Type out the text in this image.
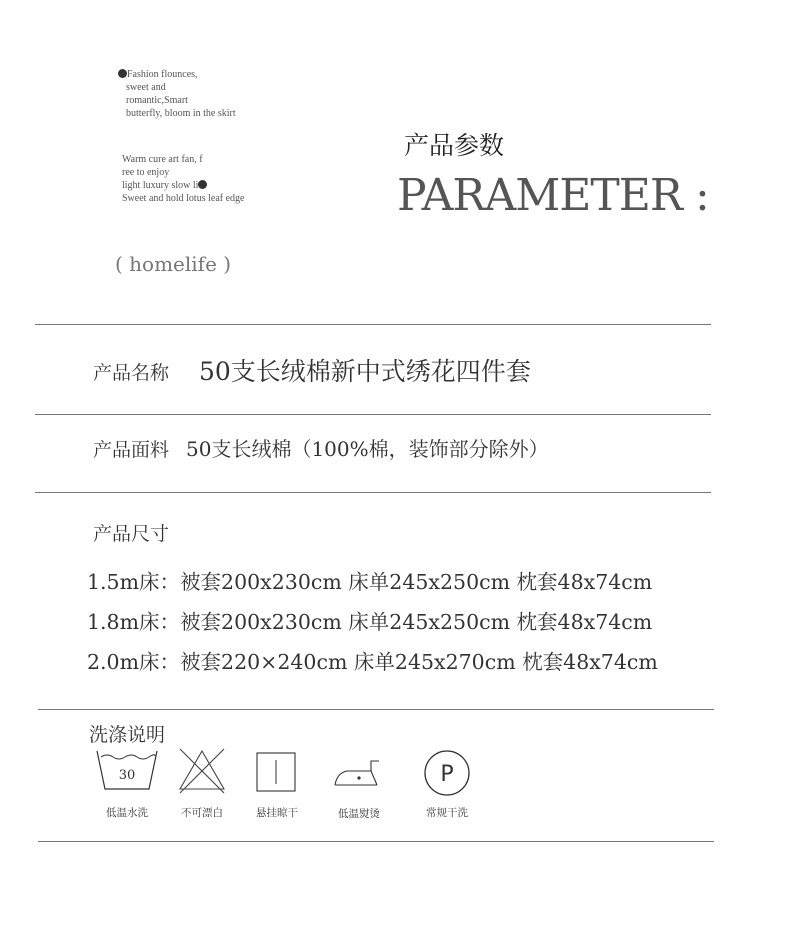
Fashion flounces,
sweet and
romantic,Smart
butterfly, bloom in the skirt
Warm cure art fan, f
ree to enjoy
light luxury slow li
Sweet and hold lotus leaf edge
( homelife )
产品参数
PARAMETER :
产品名称 50支长绒棉新中式绣花四件套
产品面料 50支长绒棉（100%棉，装饰部分除外）
产品尺寸
1.5m床：被套200x230cm 床单245x250cm 枕套48x74cm
1.8m床：被套200x230cm 床单245x250cm 枕套48x74cm
2.0m床：被套220×240cm 床单245x270cm 枕套48x74cm
洗涤说明
30
低温水洗	不可漂白	悬挂晾干	低温熨烫
P
常规干洗
